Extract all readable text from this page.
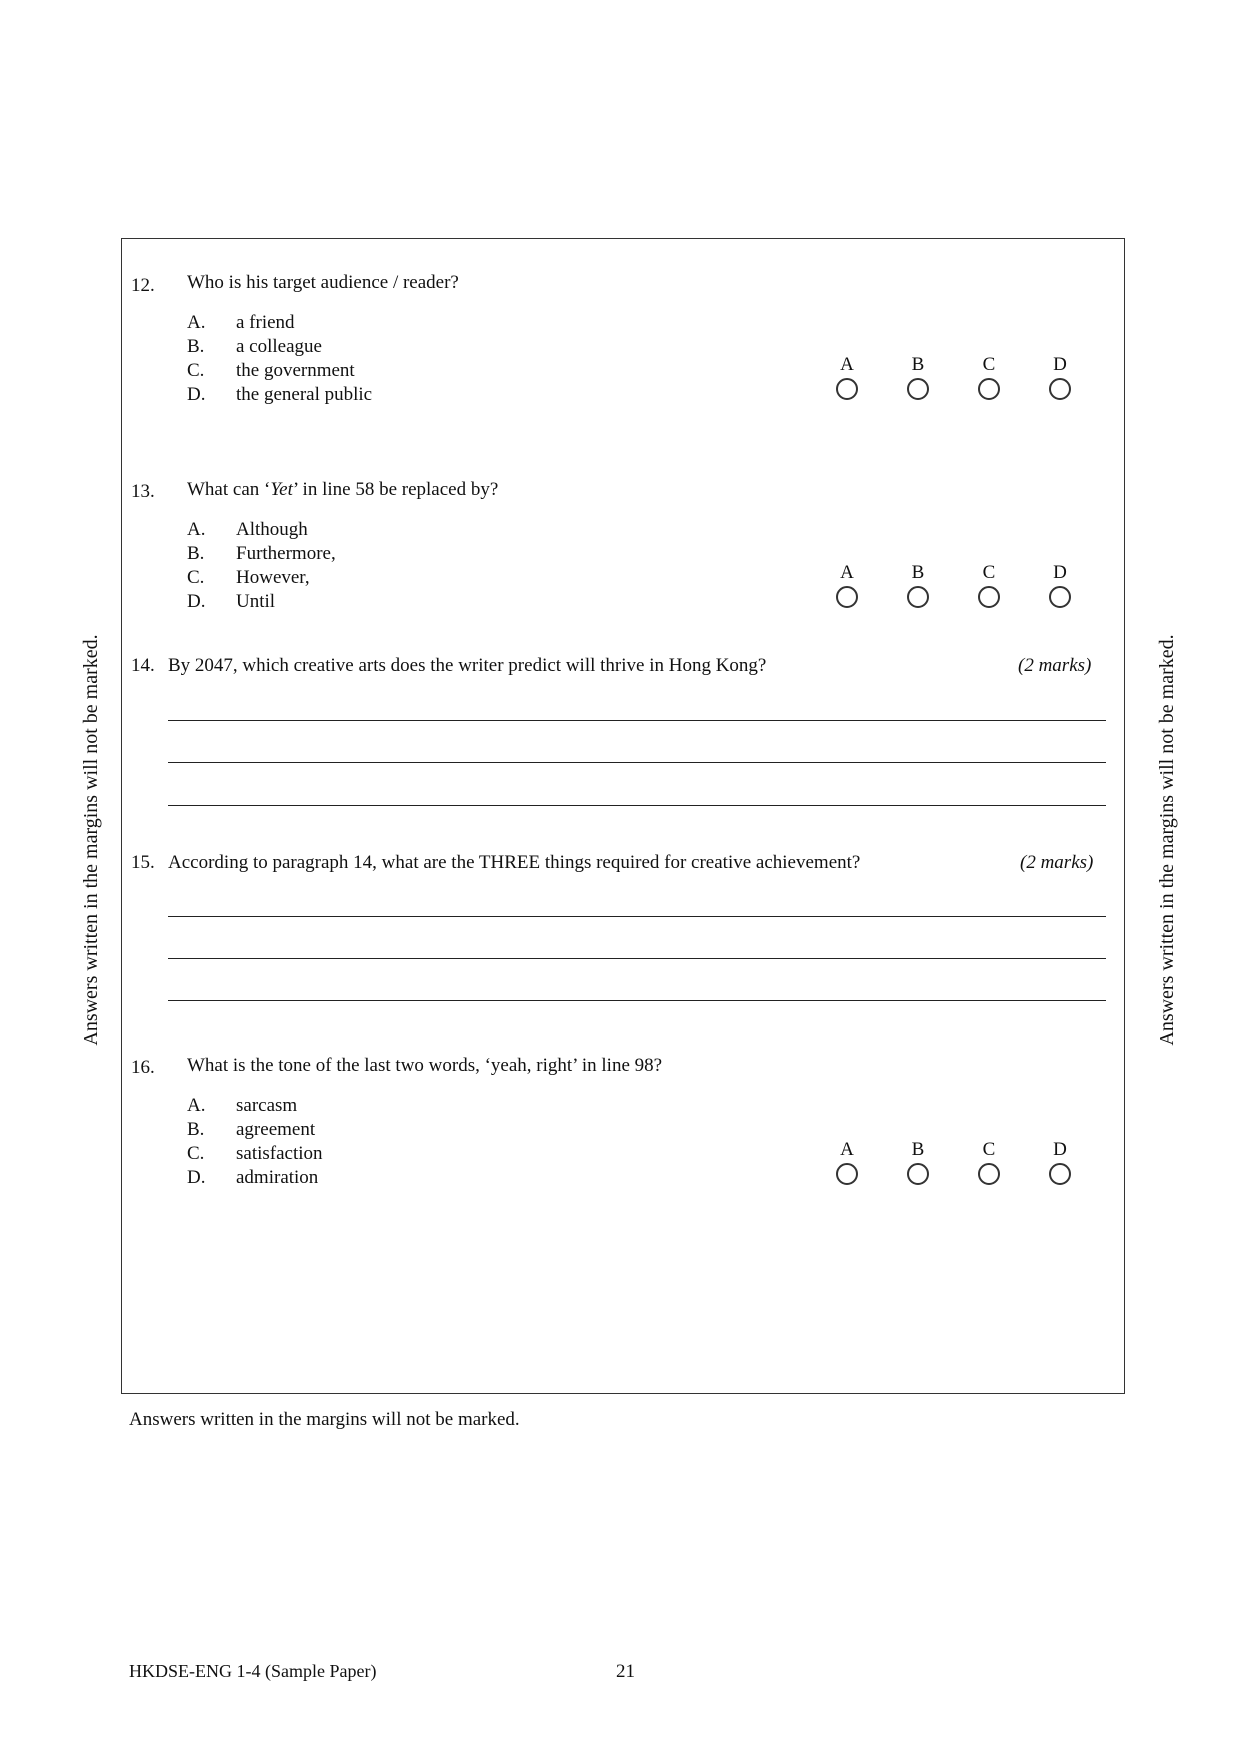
Answers written in the margins will not be marked.	Answers written in the margins will not be marked.
12. Who is his target audience / reader?
A. a friend
B. a colleague
C. the government
D. the general public
A	B	C	D
13. What can ‘Yet’ in line 58 be replaced by?
A. Although
B. Furthermore,
C. However,
D. Until
A	B	C	D
14. By 2047, which creative arts does the writer predict will thrive in Hong Kong?	(2 marks)
15. According to paragraph 14, what are the THREE things required for creative achievement?	(2 marks)
16. What is the tone of the last two words, ‘yeah, right’ in line 98?
A. sarcasm
B. agreement
C. satisfaction
D. admiration
A	B	C	D
Answers written in the margins will not be marked.
HKDSE-ENG 1-4 (Sample Paper)	21
